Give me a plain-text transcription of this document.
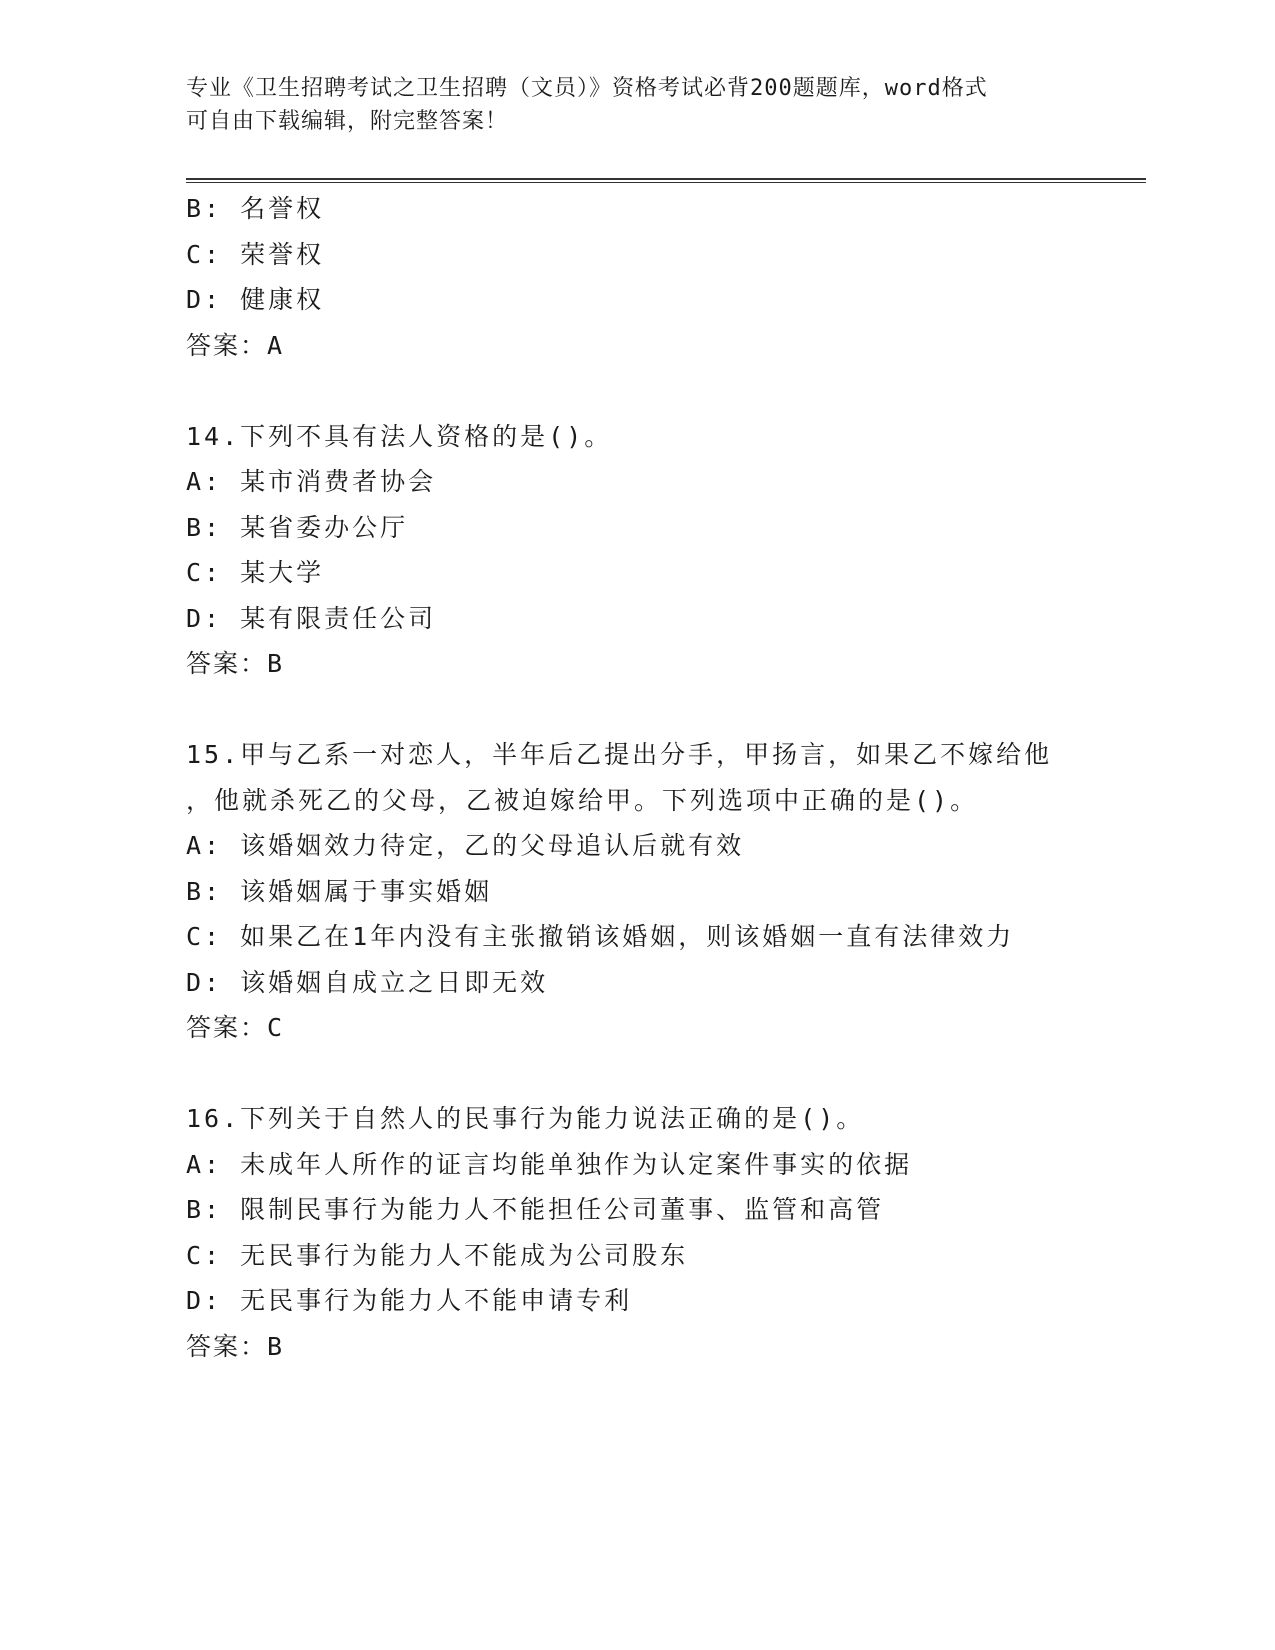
专业《卫生招聘考试之卫生招聘（文员）》资格考试必背200题题库，word格式

可自由下载编辑，附完整答案！

B: 名誉权
C: 荣誉权
D: 健康权
答案：A
14.下列不具有法人资格的是()。
A: 某市消费者协会
B: 某省委办公厅
C: 某大学
D: 某有限责任公司
答案：B
15.甲与乙系一对恋人，半年后乙提出分手，甲扬言，如果乙不嫁给他
，他就杀死乙的父母，乙被迫嫁给甲。下列选项中正确的是()。
A: 该婚姻效力待定，乙的父母追认后就有效
B: 该婚姻属于事实婚姻
C: 如果乙在1年内没有主张撤销该婚姻，则该婚姻一直有法律效力
D: 该婚姻自成立之日即无效
答案：C
16.下列关于自然人的民事行为能力说法正确的是()。
A: 未成年人所作的证言均能单独作为认定案件事实的依据
B: 限制民事行为能力人不能担任公司董事、监管和高管
C: 无民事行为能力人不能成为公司股东
D: 无民事行为能力人不能申请专利
答案：B
